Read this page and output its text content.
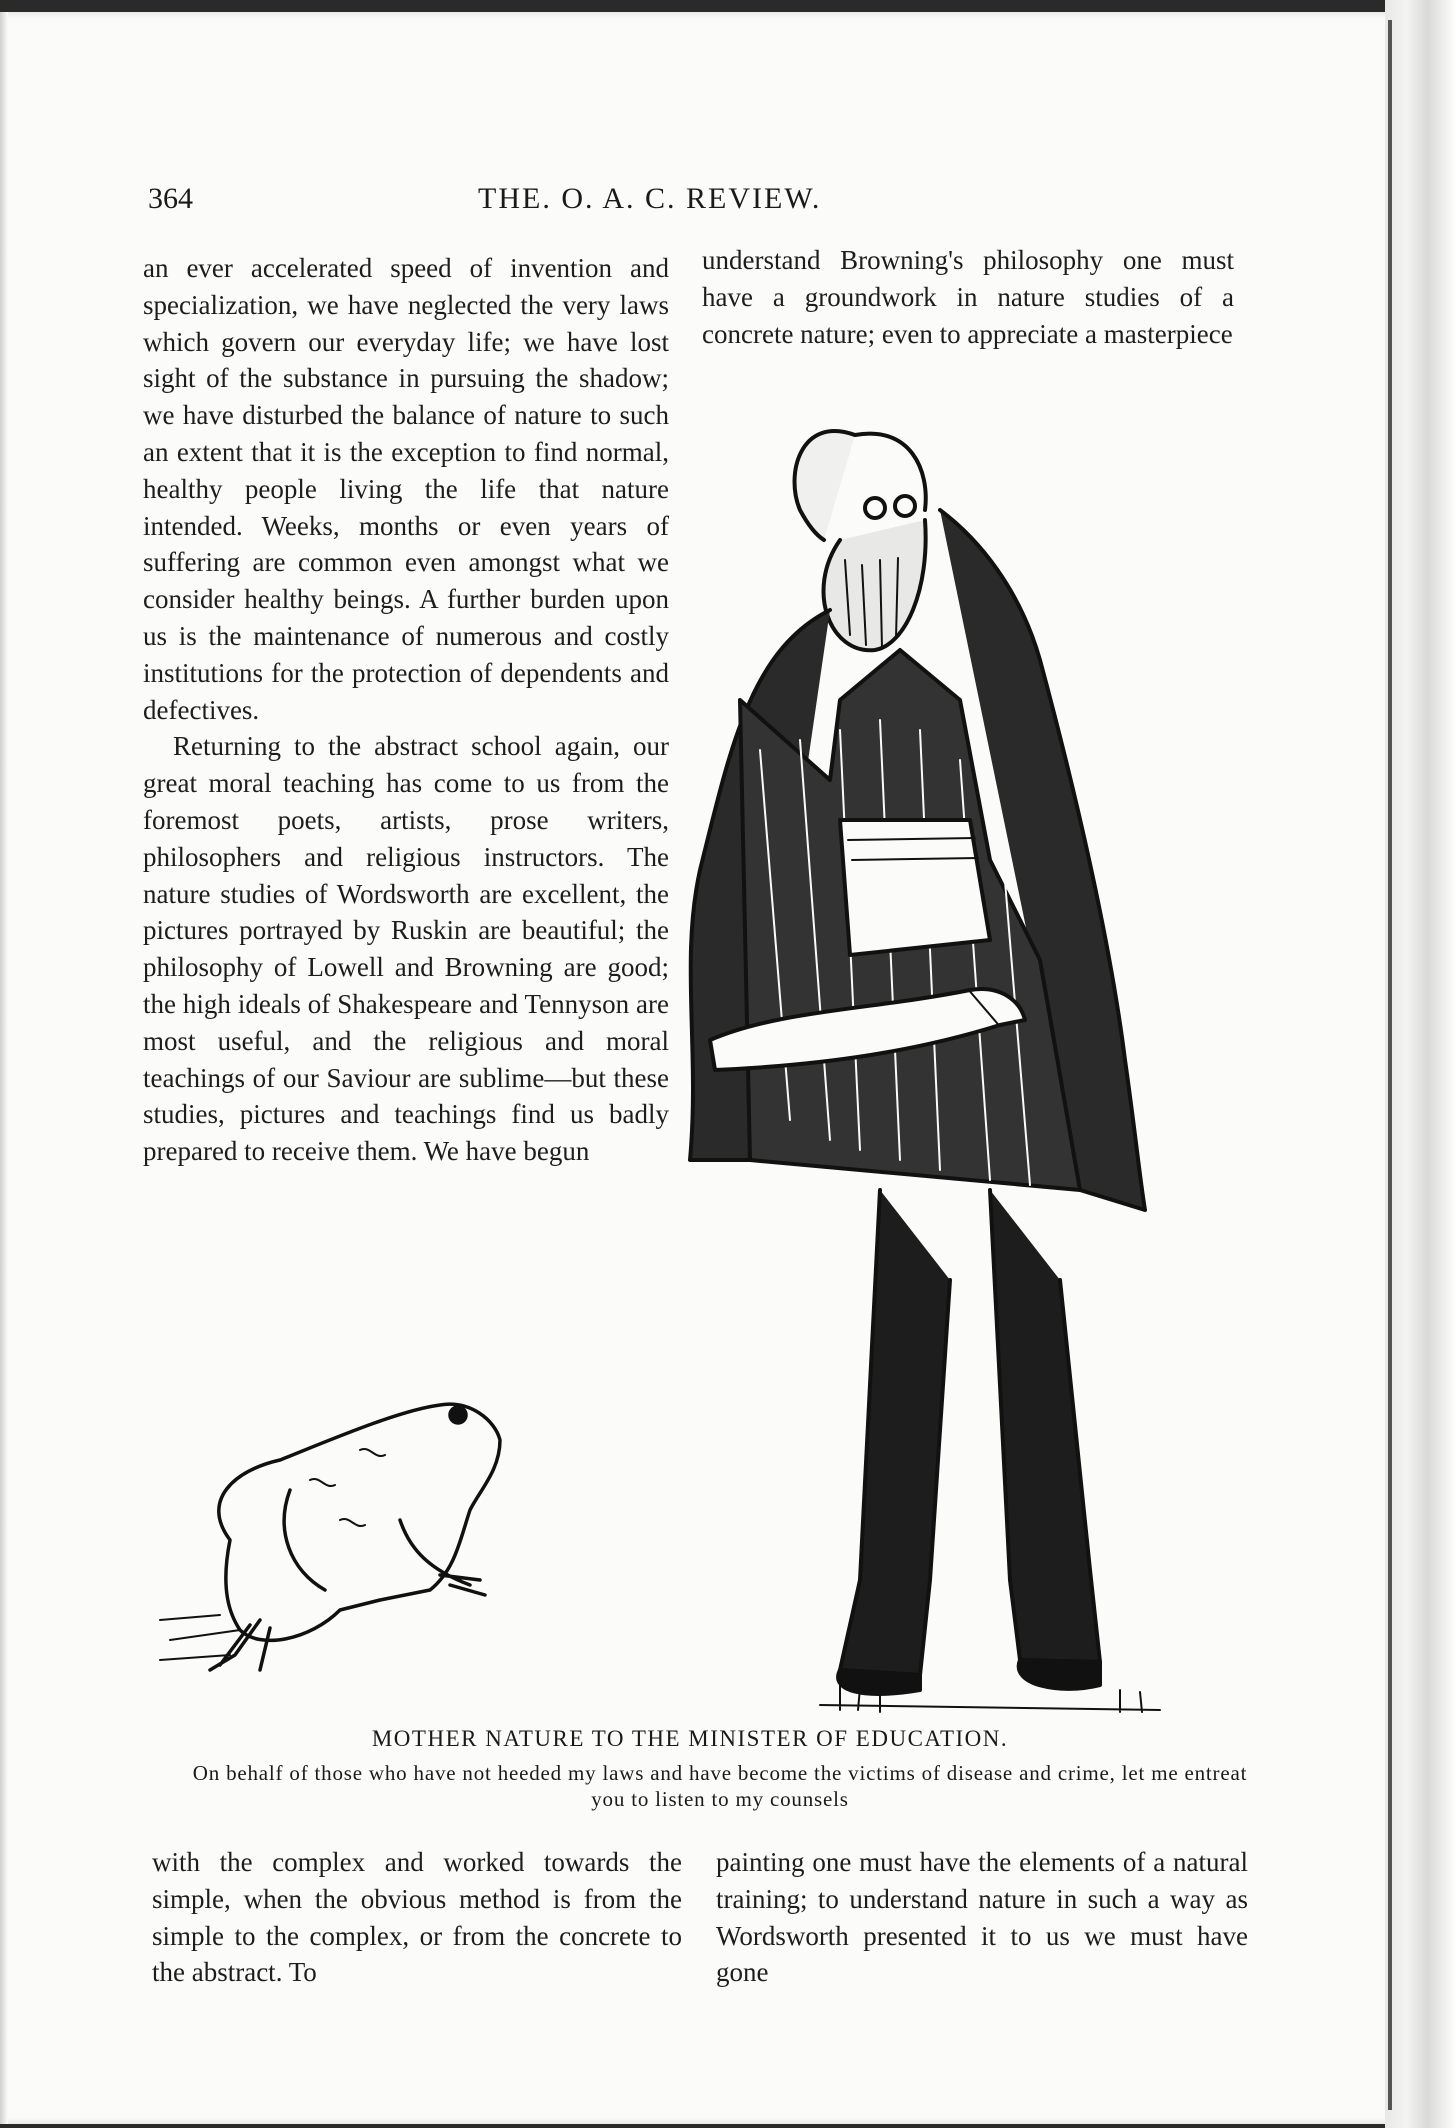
364	THE. O. A. C. REVIEW.

an ever accelerated speed of invention and specialization, we have neglected the very laws which govern our everyday life; we have lost sight of the substance in pursuing the shadow; we have disturbed the balance of nature to such an extent that it is the exception to find normal, healthy people living the life that nature intended. Weeks, months or even years of suffering are common even amongst what we consider healthy beings. A further burden upon us is the maintenance of numerous and costly institutions for the protection of dependents and defectives.

Returning to the abstract school again, our great moral teaching has come to us from the foremost poets, artists, prose writers, philosophers and religious instructors. The nature studies of Wordsworth are excellent, the pictures portrayed by Ruskin are beautiful; the philosophy of Lowell and Browning are good; the high ideals of Shakespeare and Tennyson are most useful, and the religious and moral teachings of our Saviour are sublime—but these studies, pictures and teachings find us badly prepared to receive them. We have begun

understand Browning's philosophy one must have a groundwork in nature studies of a concrete nature; even to appreciate a masterpiece

MOTHER NATURE TO THE MINISTER OF EDUCATION.
On behalf of those who have not heeded my laws and have become the victims of disease and crime, let me entreat you to listen to my counsels

with the complex and worked towards the simple, when the obvious method is from the simple to the complex, or from the concrete to the abstract. To

painting one must have the elements of a natural training; to understand nature in such a way as Wordsworth presented it to us we must have gone
